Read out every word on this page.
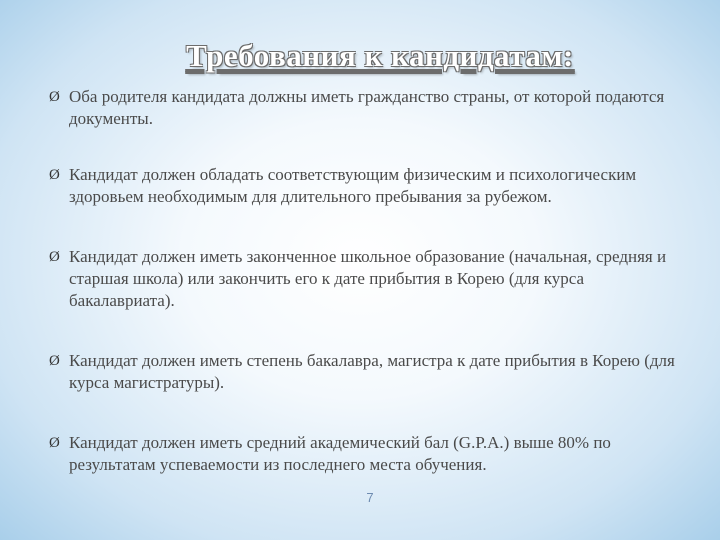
Требования к кандидатам:
Ø Оба родителя кандидата должны иметь гражданство страны, от которой подаются документы.
Ø Кандидат должен обладать соответствующим физическим и психологическим здоровьем необходимым для длительного пребывания за рубежом.
Ø Кандидат должен иметь законченное школьное образование (начальная, средняя и старшая школа) или закончить его к дате прибытия в Корею (для курса бакалавриата).
Ø Кандидат должен иметь степень бакалавра, магистра к дате прибытия в Корею (для курса магистратуры).
Ø Кандидат должен иметь средний академический бал (G.P.A.) выше 80% по результатам успеваемости из последнего места обучения.
7
